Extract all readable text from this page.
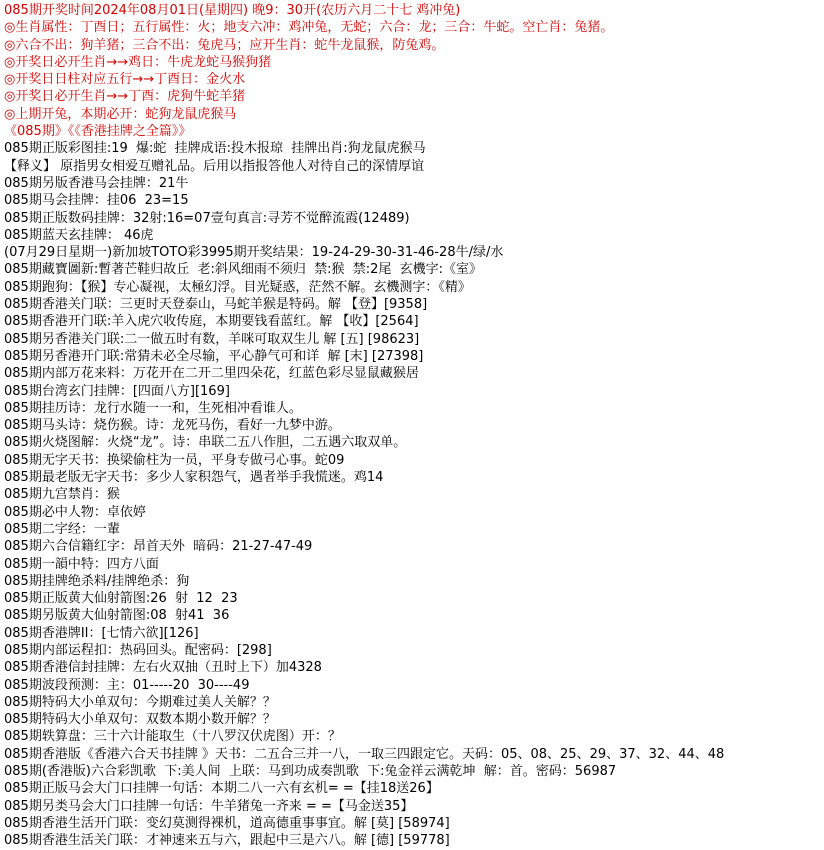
085期开奖时间2024年08月01日(星期四) 晚9：30开(农历六月二十七 鸡冲兔)
◎生肖属性：丁酉日；五行属性：火；地支六冲：鸡冲兔，无蛇；六合：龙；三合：牛蛇。空亡肖：兔猪。
◎六合不出：狗羊猪；三合不出：兔虎马；应开生肖：蛇牛龙鼠猴，防兔鸡。
◎开奖日必开生肖→→鸡日：牛虎龙蛇马猴狗猪
◎开奖日日柱对应五行→→丁酉日：金火水
◎开奖日必开生肖→→丁酉：虎狗牛蛇羊猪
◎上期开兔，本期必开：蛇狗龙鼠虎猴马
《085期》《《香港挂牌之全篇》》
085期正版彩图挂:19  爆:蛇  挂牌成语:投木报琼  挂牌出肖:狗龙鼠虎猴马
【释义】 原指男女相爱互赠礼品。后用以指报答他人对待自己的深情厚谊
085期另版香港马会挂牌：21牛
085期马会挂牌：挂06  23=15
085期正版数码挂牌：32射:16=07壹句真言:寻芳不觉醉流霞(12489)
085期蓝天玄挂牌： 46虎
(07月29日星期一)新加坡TOTO彩3995期开奖结果：19-24-29-30-31-46-28牛/绿/水
085期藏寶圖新:暫著芒鞋归故丘  老:斜风细雨不须归  禁:猴  禁:2尾  玄機字:《室》
085期跑狗：【猴】专心凝视，太極幻浮。目光疑惑，茫然不解。玄機测字：《精》
085期香港关门联：三更时天登泰山，马蛇羊猴是特码。解 【登】[9358]
085期香港开门联:羊入虎穴收传庭，本期要钱看蓝红。解 【收】[2564]
085期另香港关门联:二一做五时有数，羊咪可取双生儿 解 [五] [98623]
085期另香港开门联:常猜未必全尽输，平心静气可和详  解 [末] [27398]
085期内部万花来料：万花开在二开二里四朵花，红蓝色彩尽显鼠藏猴居
085期台湾玄门挂牌：[四面八方][169]
085期挂历诗：龙行水随一一和，生死相冲看谁人。
085期马头诗：烧伤猴。诗：龙死马伤，看好一九梦中游。
085期火烧图解：火烧“龙”。诗：串联二五八作胆，二五遇六取双单。
085期无字天书：换梁偷柱为一员，平身专做弓心事。蛇09
085期最老版无字天书：多少人家积怨气，遇者举手我慌迷。鸡14
085期九宫禁肖：猴
085期必中人物：卓依婷
085期二字经：一輩
085期六合信籍红字：昂首天外  暗码：21-27-47-49
085期一韻中特：四方八面
085期挂牌绝杀料/挂牌绝杀：狗
085期正版黄大仙射箭图:26  射  12  23
085期另版黄大仙射箭图:08  射41  36
085期香港牌II：[七情六欲][126]
085期内部运程扣：热码回头。配密码：[298]
085期香港信封挂牌：左右火双抽（丑时上下）加4328
085期波段预测：主：01-----20  30----49
085期特码大小单双句：今期难过美人关解？？
085期特码大小单双句：双数本期小数开解？？
085期轶算盘：三十六计能取生（十八罗汉伏虎图）开：？
085期香港版《香港六合天书挂牌 》天书：二五合三并一八，一取三四跟定它。天码：05、08、25、29、37、32、44、48
085期(香港版)六合彩凯歌  下:美人间  上联：马到功成奏凯歌  下:兔金祥云满乾坤  解：首。密码：56987
085期正版马会大门口挂牌一句话：本期二八一六有玄机= =【挂18送26】
085期另类马会大门口挂牌一句话：牛羊猪兔一齐来 = =【马金送35】
085期香港生活开门联：变幻莫测得裸机，道高德重事事宜。解 [莫] [58974]
085期香港生活关门联：才神速来五与六，跟起中三是六八。解 [德] [59778]
